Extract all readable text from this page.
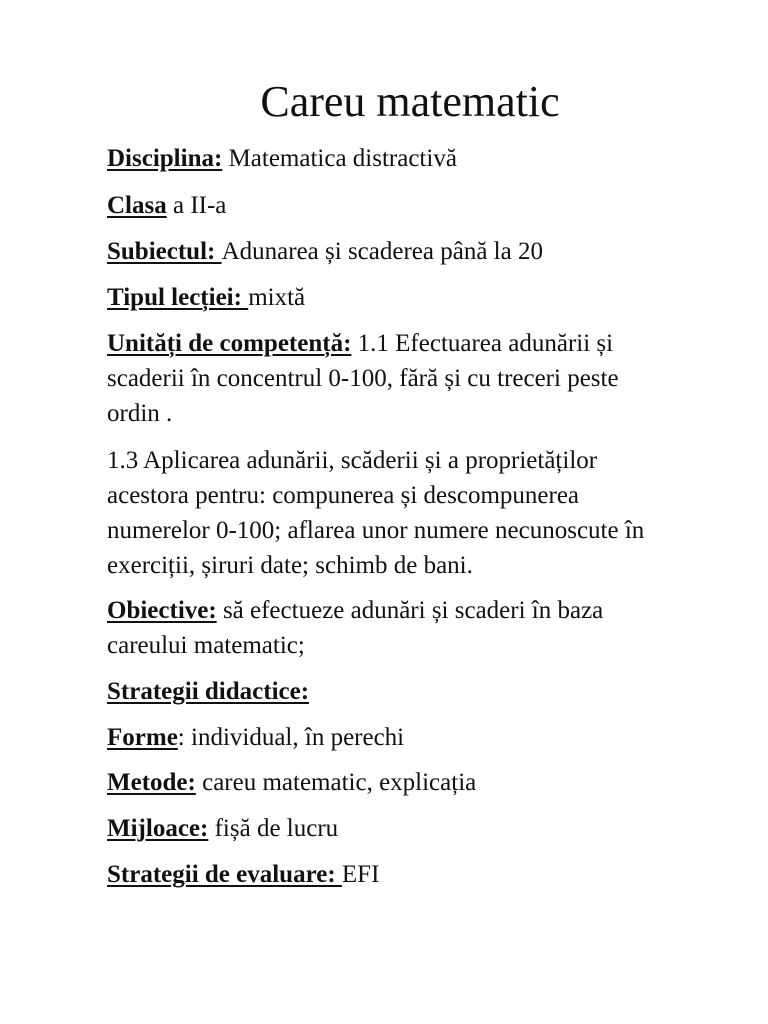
Careu matematic
Disciplina: Matematica distractivă
Clasa a II-a
Subiectul: Adunarea și scaderea până la 20
Tipul lecției: mixtă
Unități de competență: 1.1 Efectuarea adunării și
scaderii în concentrul 0-100, fără și cu treceri peste
ordin .
1.3 Aplicarea adunării, scăderii și a proprietăților
acestora pentru: compunerea și descompunerea
numerelor 0-100; aflarea unor numere necunoscute în
exerciții, șiruri date; schimb de bani.
Obiective: să efectueze adunări și scaderi în baza
careului matematic;
Strategii didactice:
Forme: individual, în perechi
Metode: careu matematic, explicația
Mijloace: fișă de lucru
Strategii de evaluare: EFI
